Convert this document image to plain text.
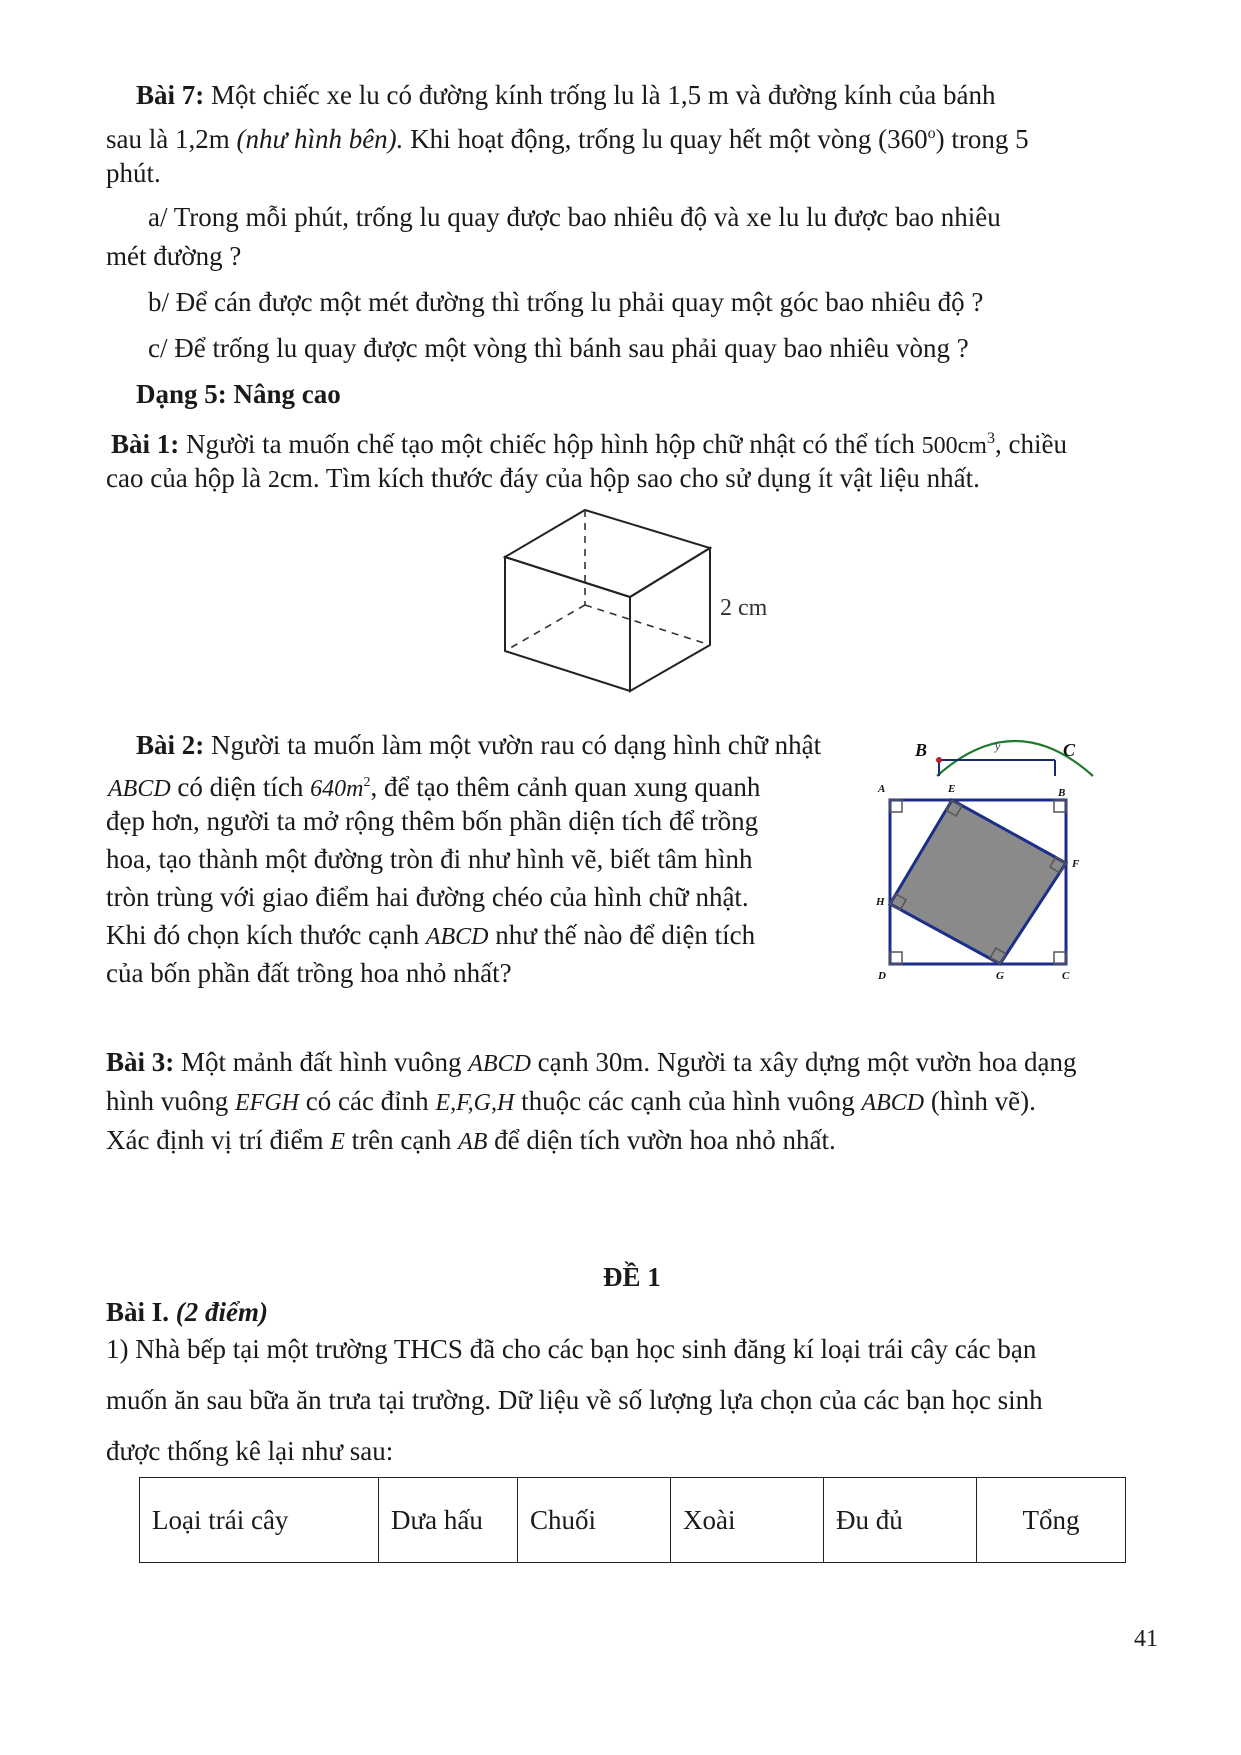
Bài 7: Một chiếc xe lu có đường kính trống lu là 1,5 m và đường kính của bánh
sau là 1,2m (như hình bên). Khi hoạt động, trống lu quay hết một vòng (360$^o$) trong 5
phút.
a/ Trong mỗi phút, trống lu quay được bao nhiêu độ và xe lu lu được bao nhiêu
mét đường ?
b/ Để cán được một mét đường thì trống lu phải quay một góc bao nhiêu độ ?
c/ Để trống lu quay được một vòng thì bánh sau phải quay bao nhiêu vòng ?
Dạng 5: Nâng cao
Bài 1: Người ta muốn chế tạo một chiếc hộp hình hộp chữ nhật có thể tích $500cm^3$, chiều
cao của hộp là 2cm. Tìm kích thước đáy của hộp sao cho sử dụng ít vật liệu nhất.
2 cm
Bài 2: Người ta muốn làm một vườn rau có dạng hình chữ nhật
ABCD có diện tích $640m^2$, để tạo thêm cảnh quan xung quanh
đẹp hơn, người ta mở rộng thêm bốn phần diện tích để trồng
hoa, tạo thành một đường tròn đi như hình vẽ, biết tâm hình
tròn trùng với giao điểm hai đường chéo của hình chữ nhật.
Khi đó chọn kích thước cạnh ABCD như thế nào để diện tích
của bốn phần đất trồng hoa nhỏ nhất?
B	y	C
A	E	B
F
H
D	G	C
Bài 3: Một mảnh đất hình vuông ABCD cạnh 30m. Người ta xây dựng một vườn hoa dạng
hình vuông EFGH có các đỉnh E,F,G,H thuộc các cạnh của hình vuông ABCD (hình vẽ).
Xác định vị trí điểm E trên cạnh AB để diện tích vườn hoa nhỏ nhất.
ĐỀ 1
Bài I. (2 điểm)
1) Nhà bếp tại một trường THCS đã cho các bạn học sinh đăng kí loại trái cây các bạn
muốn ăn sau bữa ăn trưa tại trường. Dữ liệu về số lượng lựa chọn của các bạn học sinh
được thống kê lại như sau:
Loại trái cây	Dưa hấu	Chuối	Xoài	Đu đủ	Tổng
41
